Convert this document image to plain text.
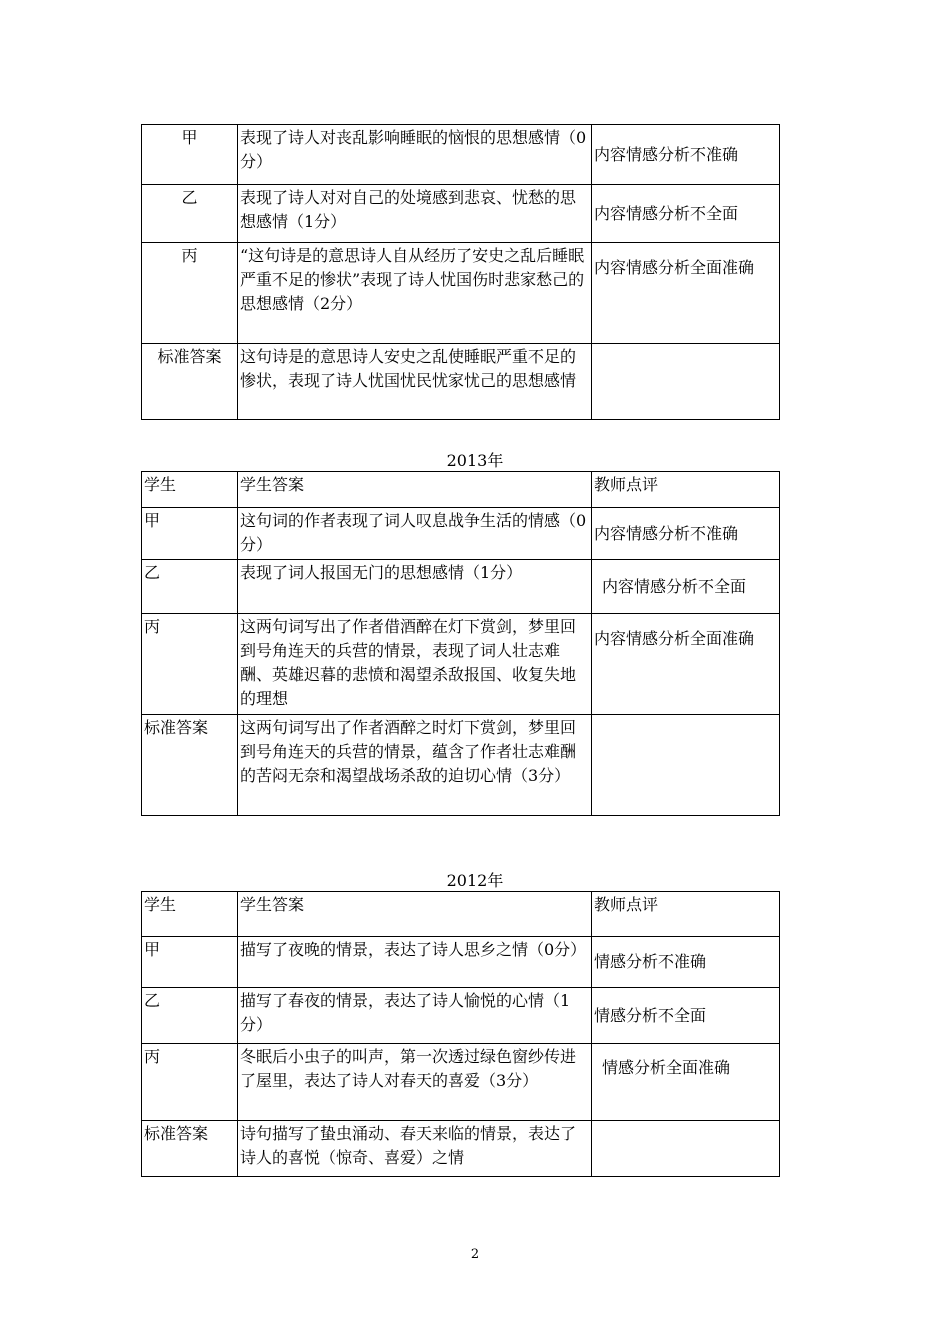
甲	表现了诗人对丧乱影响睡眠的恼恨的思想感情（0分）	内容情感分析不准确
乙	表现了诗人对对自己的处境感到悲哀、忧愁的思想感情（1分）	内容情感分析不全面
丙	“这句诗是的意思诗人自从经历了安史之乱后睡眠严重不足的惨状”表现了诗人忧国伤时悲家愁己的思想感情（2分）	内容情感分析全面准确
标准答案	这句诗是的意思诗人安史之乱使睡眠严重不足的惨状，表现了诗人忧国忧民忧家忧己的思想感情	
2013年
学生	学生答案	教师点评
甲	这句词的作者表现了词人叹息战争生活的情感（0分）	内容情感分析不准确
乙	表现了词人报国无门的思想感情（1分）	内容情感分析不全面
丙	这两句词写出了作者借酒醉在灯下赏剑，梦里回到号角连天的兵营的情景，表现了词人壮志难酬、英雄迟暮的悲愤和渴望杀敌报国、收复失地的理想	内容情感分析全面准确
标准答案	这两句词写出了作者酒醉之时灯下赏剑，梦里回到号角连天的兵营的情景，蕴含了作者壮志难酬的苦闷无奈和渴望战场杀敌的迫切心情（3分）	
2012年
学生	学生答案	教师点评
甲	描写了夜晚的情景，表达了诗人思乡之情（0分）	情感分析不准确
乙	描写了春夜的情景，表达了诗人愉悦的心情（1分）	情感分析不全面
丙	冬眠后小虫子的叫声，第一次透过绿色窗纱传进了屋里，表达了诗人对春天的喜爱（3分）	情感分析全面准确
标准答案	诗句描写了蛰虫涌动、春天来临的情景，表达了诗人的喜悦（惊奇、喜爱）之情	
2
